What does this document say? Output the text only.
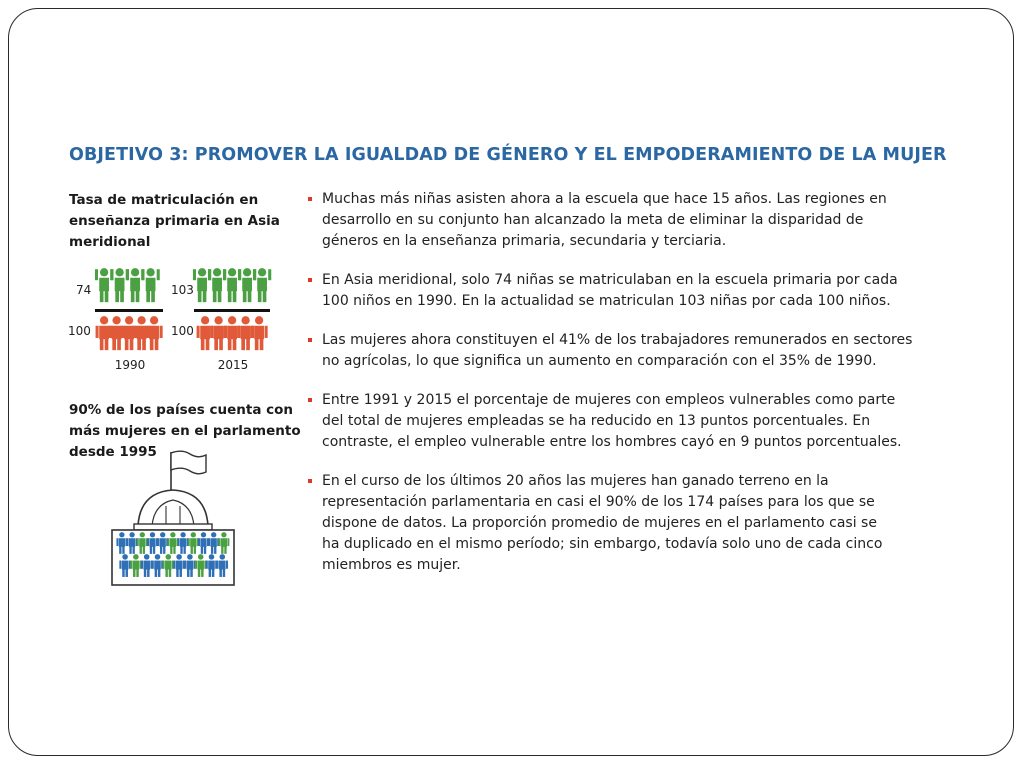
OBJETIVO 3: PROMOVER LA IGUALDAD DE GÉNERO Y EL EMPODERAMIENTO DE LA MUJER
Tasa de matriculación en
enseñanza primaria en Asia
meridional
74
100
103
100
1990	2015
90% de los países cuenta con
más mujeres en el parlamento
desde 1995
Muchas más niñas asisten ahora a la escuela que hace 15 años. Las regiones en
desarrollo en su conjunto han alcanzado la meta de eliminar la disparidad de
géneros en la enseñanza primaria, secundaria y terciaria.
En Asia meridional, solo 74 niñas se matriculaban en la escuela primaria por cada
100 niños en 1990. En la actualidad se matriculan 103 niñas por cada 100 niños.
Las mujeres ahora constituyen el 41% de los trabajadores remunerados en sectores
no agrícolas, lo que significa un aumento en comparación con el 35% de 1990.
Entre 1991 y 2015 el porcentaje de mujeres con empleos vulnerables como parte
del total de mujeres empleadas se ha reducido en 13 puntos porcentuales. En
contraste, el empleo vulnerable entre los hombres cayó en 9 puntos porcentuales.
En el curso de los últimos 20 años las mujeres han ganado terreno en la
representación parlamentaria en casi el 90% de los 174 países para los que se
dispone de datos. La proporción promedio de mujeres en el parlamento casi se
ha duplicado en el mismo período; sin embargo, todavía solo uno de cada cinco
miembros es mujer.
